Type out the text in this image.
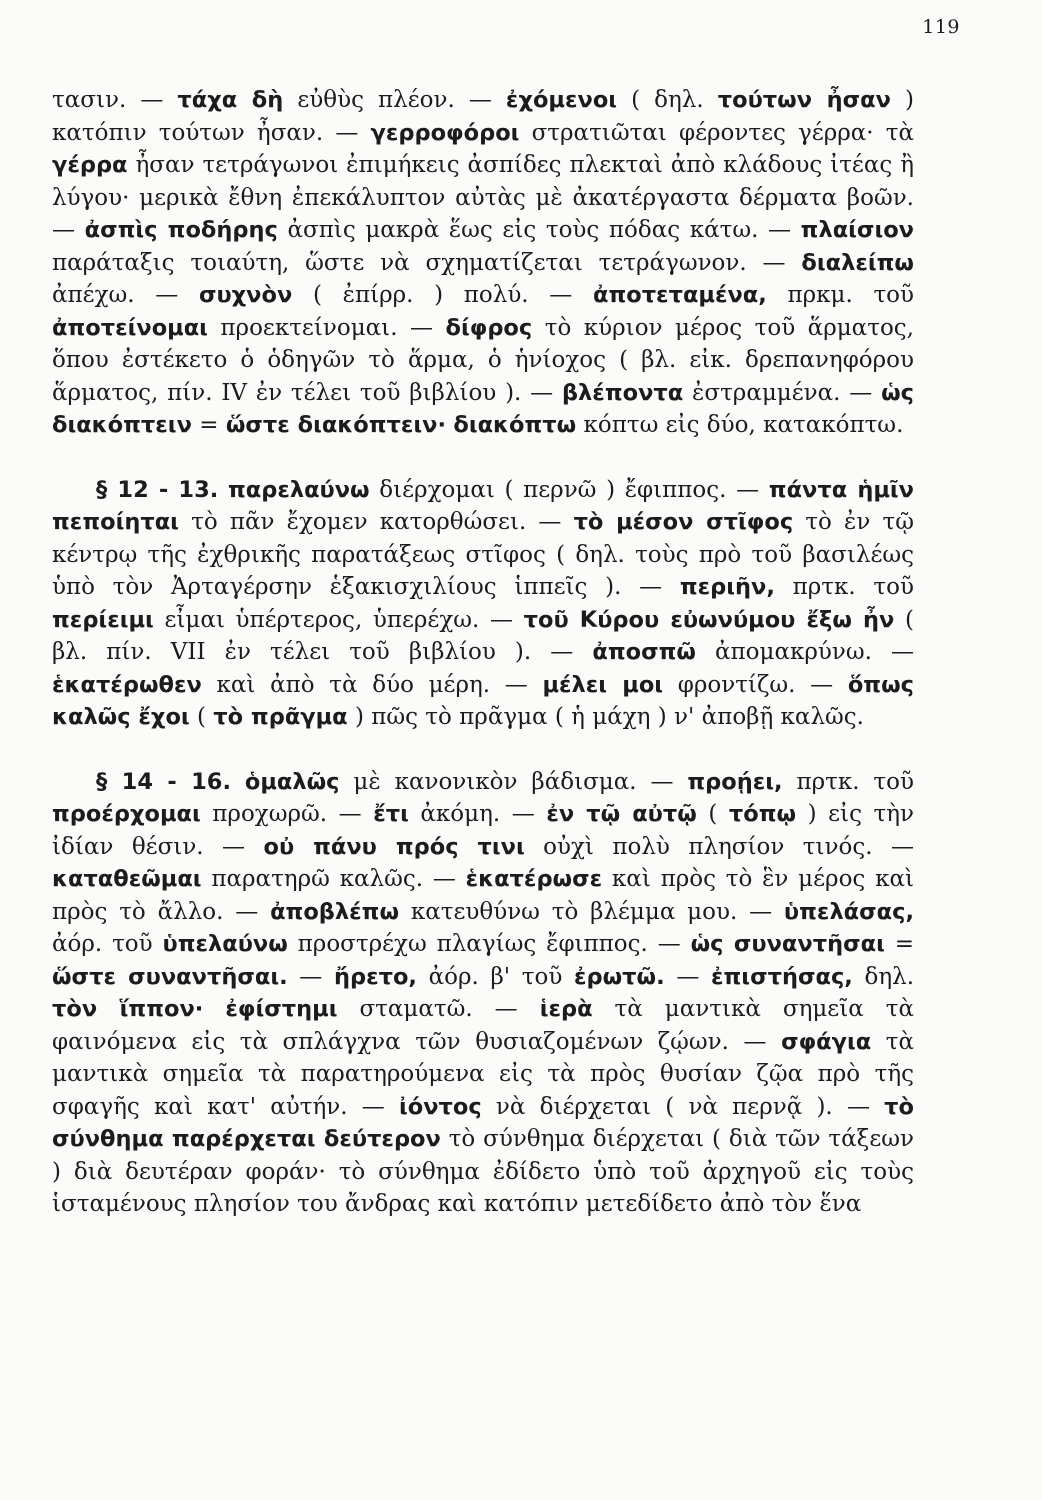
119

τασιν. — τάχα δὴ εὐθὺς πλέον. — ἐχόμενοι ( δηλ. τούτων ἦσαν ) κατόπιν τούτων ἦσαν. — γερροφόροι στρατιῶται φέροντες γέρρα· τὰ γέρρα ἦσαν τετράγωνοι ἐπιμήκεις ἀσπίδες πλεκταὶ ἀπὸ κλάδους ἰτέας ἢ λύγου· μερικὰ ἔθνη ἐπεκάλυπτον αὐτὰς μὲ ἀκατέργαστα δέρματα βοῶν. — ἀσπὶς ποδήρης ἀσπὶς μακρὰ ἕως εἰς τοὺς πόδας κάτω. — πλαίσιον παράταξις τοιαύτη, ὥστε νὰ σχηματίζεται τετράγωνον. — διαλείπω ἀπέχω. — συχνὸν ( ἐπίρρ. ) πολύ. — ἀποτεταμένα, πρκμ. τοῦ ἀποτείνομαι προεκτείνομαι. — δίφρος τὸ κύριον μέρος τοῦ ἅρματος, ὅπου ἐστέκετο ὁ ὁδηγῶν τὸ ἅρμα, ὁ ἡνίοχος ( βλ. εἰκ. δρεπανηφόρου ἅρματος, πίν. IV ἐν τέλει τοῦ βιβλίου ). — βλέποντα ἐστραμμένα. — ὡς διακόπτειν = ὥστε διακόπτειν· διακόπτω κόπτω εἰς δύο, κατακόπτω.

§ 12 - 13. παρελαύνω διέρχομαι ( περνῶ ) ἔφιππος. — πάντα ἡμῖν πεποίηται τὸ πᾶν ἔχομεν κατορθώσει. — τὸ μέσον στῖφος τὸ ἐν τῷ κέντρῳ τῆς ἐχθρικῆς παρατάξεως στῖφος ( δηλ. τοὺς πρὸ τοῦ βασιλέως ὑπὸ τὸν Ἀρταγέρσην ἑξακισχιλίους ἱππεῖς ). — περιῆν, πρτκ. τοῦ περίειμι εἶμαι ὑπέρτερος, ὑπερέχω. — τοῦ Κύρου εὐωνύμου ἔξω ἦν ( βλ. πίν. VII ἐν τέλει τοῦ βιβλίου ). — ἀποσπῶ ἀπομακρύνω. — ἑκατέρωθεν καὶ ἀπὸ τὰ δύο μέρη. — μέλει μοι φροντίζω. — ὅπως καλῶς ἔχοι ( τὸ πρᾶγμα ) πῶς τὸ πρᾶγμα ( ἡ μάχη ) ν' ἀποβῇ καλῶς.

§ 14 - 16. ὁμαλῶς μὲ κανονικὸν βάδισμα. — προῄει, πρτκ. τοῦ προέρχομαι προχωρῶ. — ἔτι ἀκόμη. — ἐν τῷ αὐτῷ ( τόπῳ ) εἰς τὴν ἰδίαν θέσιν. — οὐ πάνυ πρός τινι οὐχὶ πολὺ πλησίον τινός. — καταθεῶμαι παρατηρῶ καλῶς. — ἑκατέρωσε καὶ πρὸς τὸ ἓν μέρος καὶ πρὸς τὸ ἄλλο. — ἀποβλέπω κατευθύνω τὸ βλέμμα μου. — ὑπελάσας, ἀόρ. τοῦ ὑπελαύνω προστρέχω πλαγίως ἔφιππος. — ὡς συναντῆσαι = ὥστε συναντῆσαι. — ἤρετο, ἀόρ. β' τοῦ ἐρωτῶ. — ἐπιστήσας, δηλ. τὸν ἵππον· ἐφίστημι σταματῶ. — ἱερὰ τὰ μαντικὰ σημεῖα τὰ φαινόμενα εἰς τὰ σπλάγχνα τῶν θυσιαζομένων ζῴων. — σφάγια τὰ μαντικὰ σημεῖα τὰ παρατηρούμενα εἰς τὰ πρὸς θυσίαν ζῷα πρὸ τῆς σφαγῆς καὶ κατ' αὐτήν. — ἰόντος νὰ διέρχεται ( νὰ περνᾷ ). — τὸ σύνθημα παρέρχεται δεύτερον τὸ σύνθημα διέρχεται ( διὰ τῶν τάξεων ) διὰ δευτέραν φοράν· τὸ σύνθημα ἐδίδετο ὑπὸ τοῦ ἀρχηγοῦ εἰς τοὺς ἱσταμένους πλησίον του ἄνδρας καὶ κατόπιν μετεδίδετο ἀπὸ τὸν ἕνα
